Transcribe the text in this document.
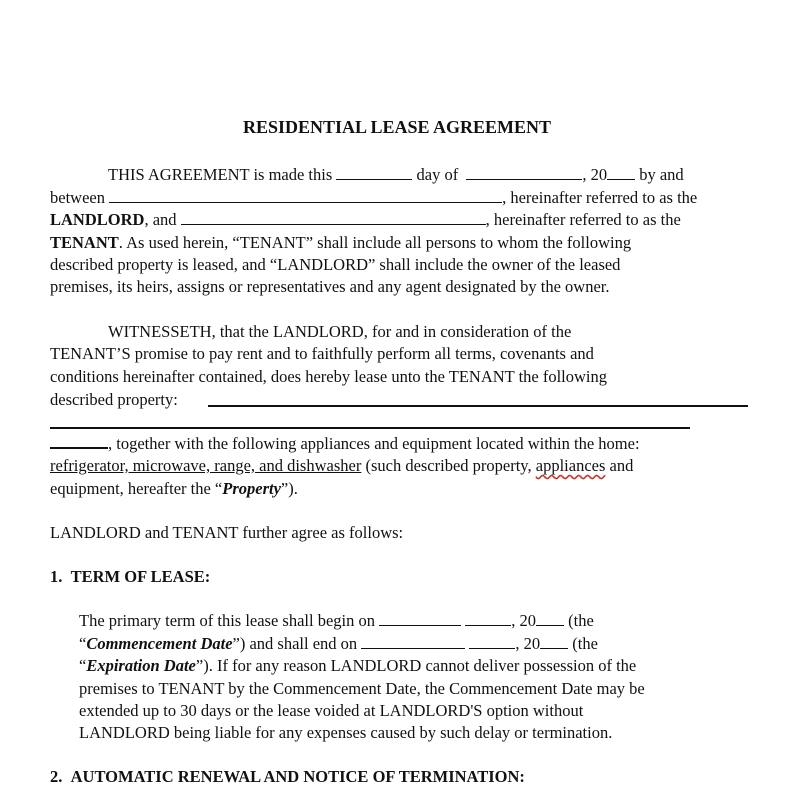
RESIDENTIAL LEASE AGREEMENT
THIS AGREEMENT is made this	day of	, 20 by and
between	, hereinafter referred to as the
LANDLORD, and	, hereinafter referred to as the
TENANT. As used herein, “TENANT” shall include all persons to whom the following
described property is leased, and “LANDLORD” shall include the owner of the leased
premises, its heirs, assigns or representatives and any agent designated by the owner.
WITNESSETH, that the LANDLORD, for and in consideration of the
TENANT’S promise to pay rent and to faithfully perform all terms, covenants and
conditions hereinafter contained, does hereby lease unto the TENANT the following
described property:
, together with the following appliances and equipment located within the home:
refrigerator, microwave, range, and dishwasher (such described property, appliances and
equipment, hereafter the “Property”).
LANDLORD and TENANT further agree as follows:
1.  TERM OF LEASE:
The primary term of this lease shall begin on	, 20 (the
“Commencement Date”) and shall end on	, 20 (the
“Expiration Date”). If for any reason LANDLORD cannot deliver possession of the
premises to TENANT by the Commencement Date, the Commencement Date may be
extended up to 30 days or the lease voided at LANDLORD'S option without
LANDLORD being liable for any expenses caused by such delay or termination.
2.  AUTOMATIC RENEWAL AND NOTICE OF TERMINATION:
